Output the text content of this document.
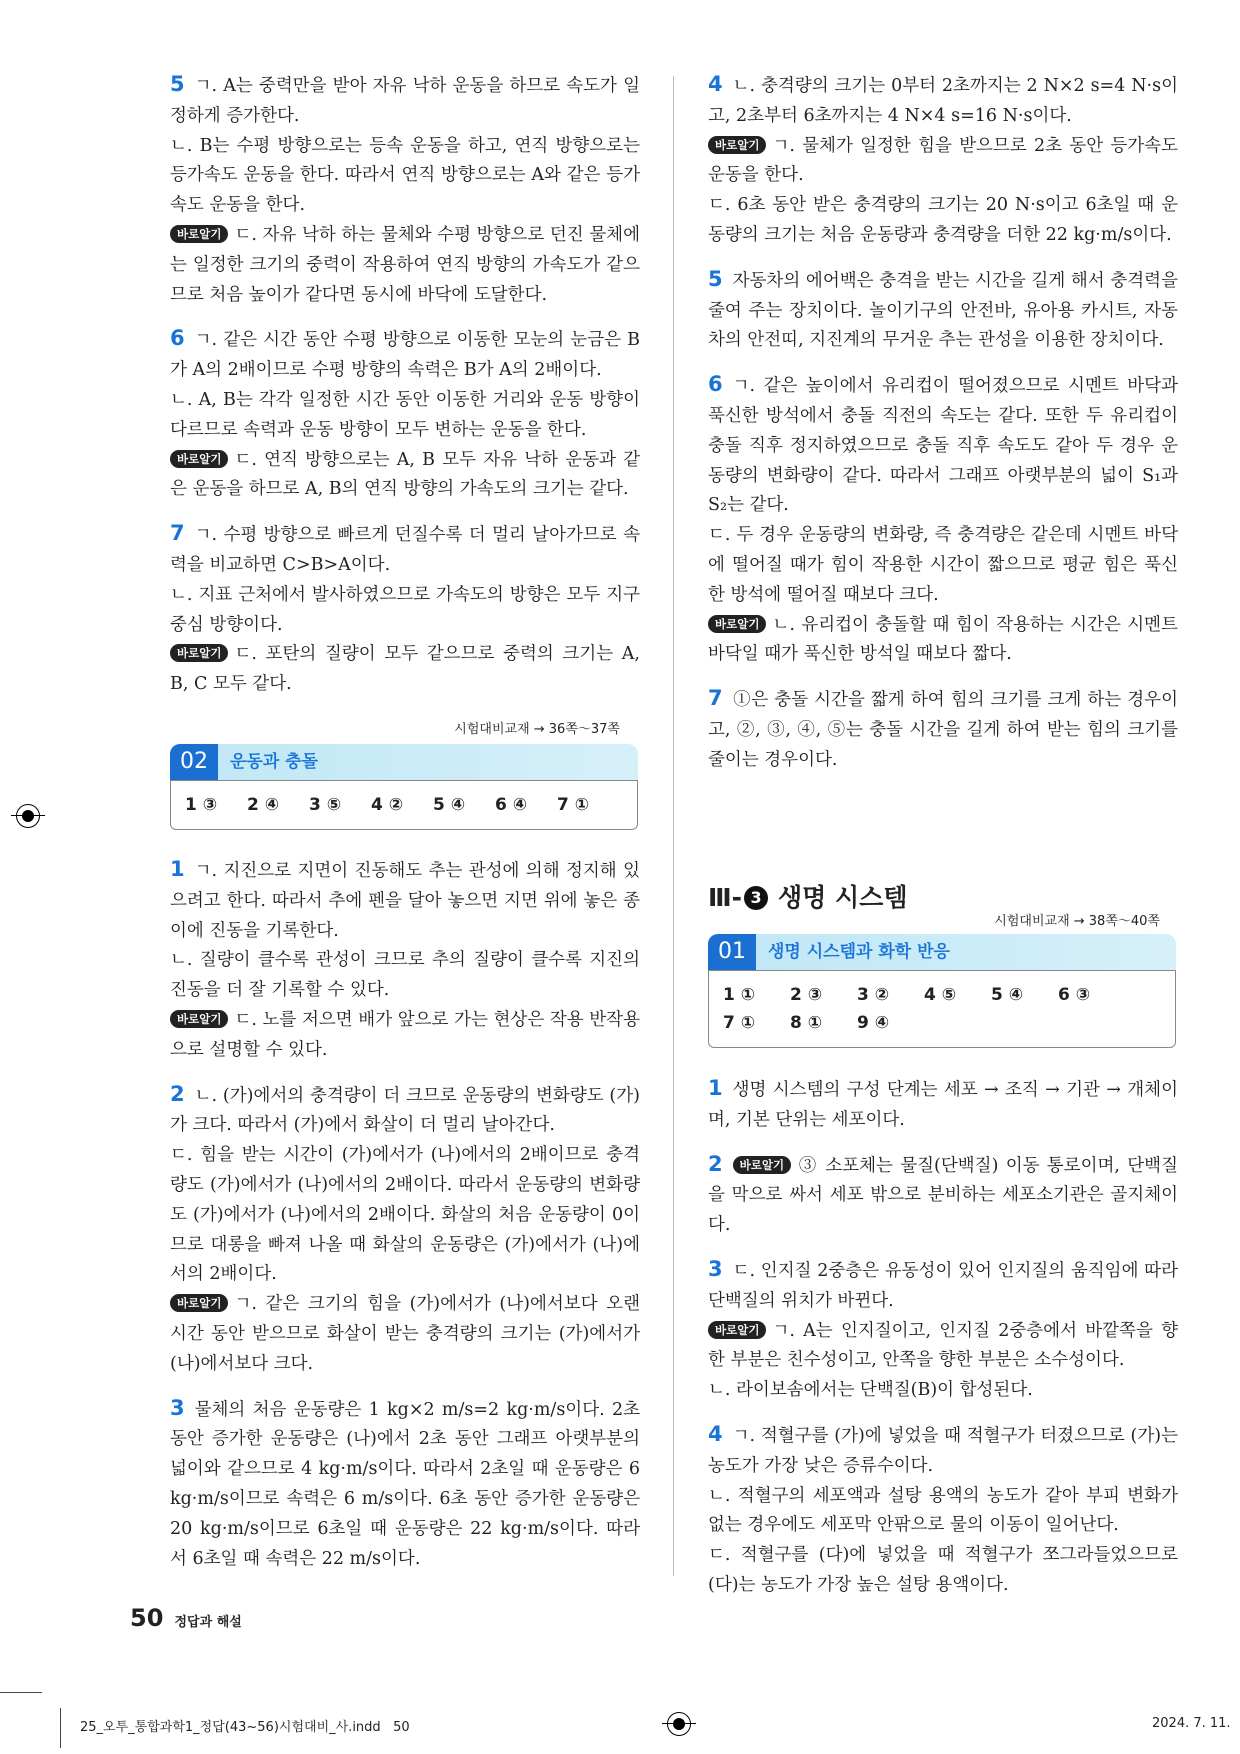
5 ㄱ. A는 중력만을 받아 자유 낙하 운동을 하므로 속도가 일정하게 증가한다.

ㄴ. B는 수평 방향으로는 등속 운동을 하고, 연직 방향으로는 등가속도 운동을 한다. 따라서 연직 방향으로는 A와 같은 등가속도 운동을 한다.

바로알기 ㄷ. 자유 낙하 하는 물체와 수평 방향으로 던진 물체에는 일정한 크기의 중력이 작용하여 연직 방향의 가속도가 같으므로 처음 높이가 같다면 동시에 바닥에 도달한다.

6 ㄱ. 같은 시간 동안 수평 방향으로 이동한 모눈의 눈금은 B가 A의 2배이므로 수평 방향의 속력은 B가 A의 2배이다.

ㄴ. A, B는 각각 일정한 시간 동안 이동한 거리와 운동 방향이 다르므로 속력과 운동 방향이 모두 변하는 운동을 한다.

바로알기 ㄷ. 연직 방향으로는 A, B 모두 자유 낙하 운동과 같은 운동을 하므로 A, B의 연직 방향의 가속도의 크기는 같다.

7 ㄱ. 수평 방향으로 빠르게 던질수록 더 멀리 날아가므로 속력을 비교하면 C>B>A이다.

ㄴ. 지표 근처에서 발사하였으므로 가속도의 방향은 모두 지구 중심 방향이다.

바로알기 ㄷ. 포탄의 질량이 모두 같으므로 중력의 크기는 A, B, C 모두 같다.

시험대비교재 → 36쪽～37쪽
02	운동과 충돌
1 ③	2 ④	3 ⑤	4 ②	5 ④	6 ④	7 ①

1 ㄱ. 지진으로 지면이 진동해도 추는 관성에 의해 정지해 있으려고 한다. 따라서 추에 펜을 달아 놓으면 지면 위에 놓은 종이에 진동을 기록한다.

ㄴ. 질량이 클수록 관성이 크므로 추의 질량이 클수록 지진의 진동을 더 잘 기록할 수 있다.

바로알기 ㄷ. 노를 저으면 배가 앞으로 가는 현상은 작용 반작용으로 설명할 수 있다.

2 ㄴ. (가)에서의 충격량이 더 크므로 운동량의 변화량도 (가)가 크다. 따라서 (가)에서 화살이 더 멀리 날아간다.

ㄷ. 힘을 받는 시간이 (가)에서가 (나)에서의 2배이므로 충격량도 (가)에서가 (나)에서의 2배이다. 따라서 운동량의 변화량도 (가)에서가 (나)에서의 2배이다. 화살의 처음 운동량이 0이므로 대롱을 빠져 나올 때 화살의 운동량은 (가)에서가 (나)에서의 2배이다.

바로알기 ㄱ. 같은 크기의 힘을 (가)에서가 (나)에서보다 오랜 시간 동안 받으므로 화살이 받는 충격량의 크기는 (가)에서가 (나)에서보다 크다.

3 물체의 처음 운동량은 1 kg×2 m/s=2 kg·m/s이다. 2초 동안 증가한 운동량은 (나)에서 2초 동안 그래프 아랫부분의 넓이와 같으므로 4 kg·m/s이다. 따라서 2초일 때 운동량은 6 kg·m/s이므로 속력은 6 m/s이다. 6초 동안 증가한 운동량은 20 kg·m/s이므로 6초일 때 운동량은 22 kg·m/s이다. 따라서 6초일 때 속력은 22 m/s이다.

4 ㄴ. 충격량의 크기는 0부터 2초까지는 2 N×2 s=4 N·s이고, 2초부터 6초까지는 4 N×4 s=16 N·s이다.

바로알기 ㄱ. 물체가 일정한 힘을 받으므로 2초 동안 등가속도 운동을 한다.

ㄷ. 6초 동안 받은 충격량의 크기는 20 N·s이고 6초일 때 운동량의 크기는 처음 운동량과 충격량을 더한 22 kg·m/s이다.

5 자동차의 에어백은 충격을 받는 시간을 길게 해서 충격력을 줄여 주는 장치이다. 놀이기구의 안전바, 유아용 카시트, 자동차의 안전띠, 지진계의 무거운 추는 관성을 이용한 장치이다.

6 ㄱ. 같은 높이에서 유리컵이 떨어졌으므로 시멘트 바닥과 푹신한 방석에서 충돌 직전의 속도는 같다. 또한 두 유리컵이 충돌 직후 정지하였으므로 충돌 직후 속도도 같아 두 경우 운동량의 변화량이 같다. 따라서 그래프 아랫부분의 넓이 S₁과 S₂는 같다.

ㄷ. 두 경우 운동량의 변화량, 즉 충격량은 같은데 시멘트 바닥에 떨어질 때가 힘이 작용한 시간이 짧으므로 평균 힘은 푹신한 방석에 떨어질 때보다 크다.

바로알기 ㄴ. 유리컵이 충돌할 때 힘이 작용하는 시간은 시멘트 바닥일 때가 푹신한 방석일 때보다 짧다.

7 ①은 충돌 시간을 짧게 하여 힘의 크기를 크게 하는 경우이고, ②, ③, ④, ⑤는 충돌 시간을 길게 하여 받는 힘의 크기를 줄이는 경우이다.

Ⅲ- 3 생명 시스템
시험대비교재 → 38쪽～40쪽
01	생명 시스템과 화학 반응
1 ①	2 ③	3 ②	4 ⑤	5 ④	6 ③
7 ①	8 ①	9 ④

1 생명 시스템의 구성 단계는 세포 → 조직 → 기관 → 개체이며, 기본 단위는 세포이다.

2 바로알기 ③ 소포체는 물질(단백질) 이동 통로이며, 단백질을 막으로 싸서 세포 밖으로 분비하는 세포소기관은 골지체이다.

3 ㄷ. 인지질 2중층은 유동성이 있어 인지질의 움직임에 따라 단백질의 위치가 바뀐다.

바로알기 ㄱ. A는 인지질이고, 인지질 2중층에서 바깥쪽을 향한 부분은 친수성이고, 안쪽을 향한 부분은 소수성이다.

ㄴ. 라이보솜에서는 단백질(B)이 합성된다.

4 ㄱ. 적혈구를 (가)에 넣었을 때 적혈구가 터졌으므로 (가)는 농도가 가장 낮은 증류수이다.

ㄴ. 적혈구의 세포액과 설탕 용액의 농도가 같아 부피 변화가 없는 경우에도 세포막 안팎으로 물의 이동이 일어난다.

ㄷ. 적혈구를 (다)에 넣었을 때 적혈구가 쪼그라들었으므로 (다)는 농도가 가장 높은 설탕 용액이다.

50 정답과 해설
25_오투_통합과학1_정답(43~56)시험대비_사.indd   50	2024. 7. 11.
